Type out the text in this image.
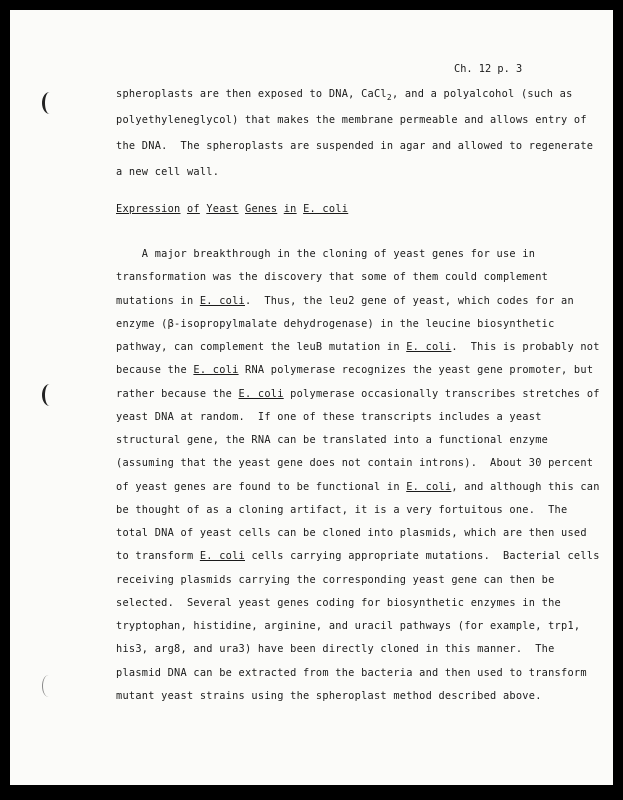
Ch. 12 p. 3
spheroplasts are then exposed to DNA, CaCl$_2$, and a polyalcohol (such as
polyethyleneglycol) that makes the membrane permeable and allows entry of
the DNA.  The spheroplasts are suspended in agar and allowed to regenerate
a new cell wall.
Expression of Yeast Genes in E. coli
A major breakthrough in the cloning of yeast genes for use in
transformation was the discovery that some of them could complement
mutations in E. coli.  Thus, the leu2 gene of yeast, which codes for an
enzyme (β-isopropylmalate dehydrogenase) in the leucine biosynthetic
pathway, can complement the leuB mutation in E. coli.  This is probably not
because the E. coli RNA polymerase recognizes the yeast gene promoter, but
rather because the E. coli polymerase occasionally transcribes stretches of
yeast DNA at random.  If one of these transcripts includes a yeast
structural gene, the RNA can be translated into a functional enzyme
(assuming that the yeast gene does not contain introns).  About 30 percent
of yeast genes are found to be functional in E. coli, and although this can
be thought of as a cloning artifact, it is a very fortuitous one.  The
total DNA of yeast cells can be cloned into plasmids, which are then used
to transform E. coli cells carrying appropriate mutations.  Bacterial cells
receiving plasmids carrying the corresponding yeast gene can then be
selected.  Several yeast genes coding for biosynthetic enzymes in the
tryptophan, histidine, arginine, and uracil pathways (for example, trp1,
his3, arg8, and ura3) have been directly cloned in this manner.  The
plasmid DNA can be extracted from the bacteria and then used to transform
mutant yeast strains using the spheroplast method described above.
